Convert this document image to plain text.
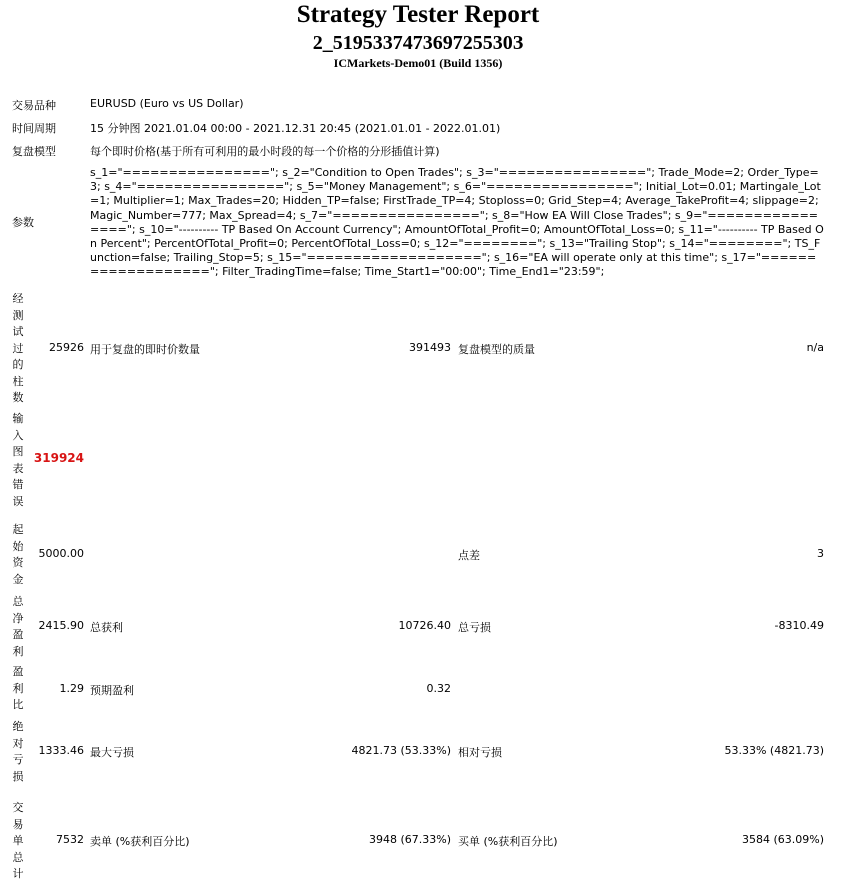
Strategy Tester Report
2_519533747369725530З
ICMarkets-Demo01 (Build 1356)
交易品种	EURUSD (Euro vs US Dollar)
时间周期	15 分钟图 2021.01.04 00:00 - 2021.12.31 20:45 (2021.01.01 - 2022.01.01)
复盘模型	每个即时价格(基于所有可利用的最小时段的每一个价格的分形插值计算)
参数
s_1="================"; s_2="Condition to Open Trades"; s_3="================"; Trade_Mode=2; Order_Type=3; s_4="================"; s_5="Money Management"; s_6="================"; Initial_Lot=0.01; Martingale_Lot=1; Multiplier=1; Max_Trades=20; Hidden_TP=false; FirstTrade_TP=4; Stoploss=0; Grid_Step=4; Average_TakeProfit=4; slippage=2; Magic_Number=777; Max_Spread=4; s_7="================"; s_8="How EA Will Close Trades"; s_9="================"; s_10="---------- TP Based On Account Currency"; AmountOfTotal_Profit=0; AmountOfTotal_Loss=0; s_11="---------- TP Based On Percent"; PercentOfTotal_Profit=0; PercentOfTotal_Loss=0; s_12="========"; s_13="Trailing Stop"; s_14="========"; TS_Function=false; Trailing_Stop=5; s_15="==================="; s_16="EA will operate only at this time"; s_17="==================="; Filter_TradingTime=false; Time_Start1="00:00"; Time_End1="23:59";
经
测
试
过
的
柱
数
25926 用于复盘的即时价数量	391493 复盘模型的质量	n/a
输
入
图
表
错
误
319924
起
始
资
金
5000.00	点差	3
总
净
盈
利
2415.90 总获利	10726.40 总亏损	-8310.49
盈
利
比
1.29 预期盈利	0.32
绝
对
亏
损
1333.46 最大亏损	4821.73 (53.33%) 相对亏损	53.33% (4821.73)
交
易
单
总
计
7532 卖单 (%获利百分比)	3948 (67.33%) 买单 (%获利百分比)	3584 (63.09%)
